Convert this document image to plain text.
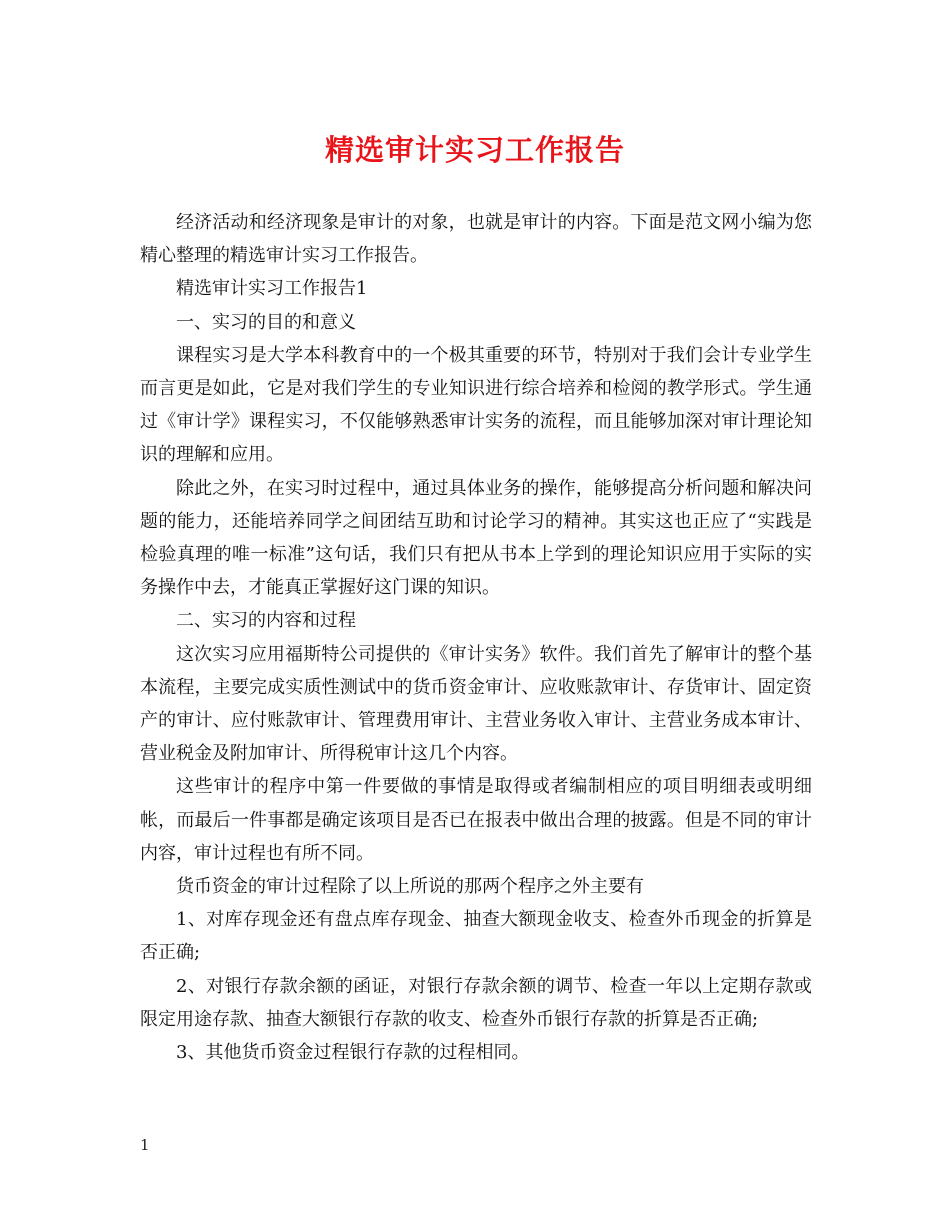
精选审计实习工作报告

经济活动和经济现象是审计的对象，也就是审计的内容。下面是范文网小编为您精心整理的精选审计实习工作报告。

精选审计实习工作报告1

一、实习的目的和意义

课程实习是大学本科教育中的一个极其重要的环节，特别对于我们会计专业学生而言更是如此，它是对我们学生的专业知识进行综合培养和检阅的教学形式。学生通过《审计学》课程实习，不仅能够熟悉审计实务的流程，而且能够加深对审计理论知识的理解和应用。

除此之外，在实习时过程中，通过具体业务的操作，能够提高分析问题和解决问题的能力，还能培养同学之间团结互助和讨论学习的精神。其实这也正应了“实践是检验真理的唯一标准”这句话，我们只有把从书本上学到的理论知识应用于实际的实务操作中去，才能真正掌握好这门课的知识。

二、实习的内容和过程

这次实习应用福斯特公司提供的《审计实务》软件。我们首先了解审计的整个基本流程，主要完成实质性测试中的货币资金审计、应收账款审计、存货审计、固定资产的审计、应付账款审计、管理费用审计、主营业务收入审计、主营业务成本审计、营业税金及附加审计、所得税审计这几个内容。

这些审计的程序中第一件要做的事情是取得或者编制相应的项目明细表或明细帐，而最后一件事都是确定该项目是否已在报表中做出合理的披露。但是不同的审计内容，审计过程也有所不同。

货币资金的审计过程除了以上所说的那两个程序之外主要有

1、对库存现金还有盘点库存现金、抽查大额现金收支、检查外币现金的折算是否正确;

2、对银行存款余额的函证，对银行存款余额的调节、检查一年以上定期存款或限定用途存款、抽查大额银行存款的收支、检查外币银行存款的折算是否正确;

3、其他货币资金过程银行存款的过程相同。

1
